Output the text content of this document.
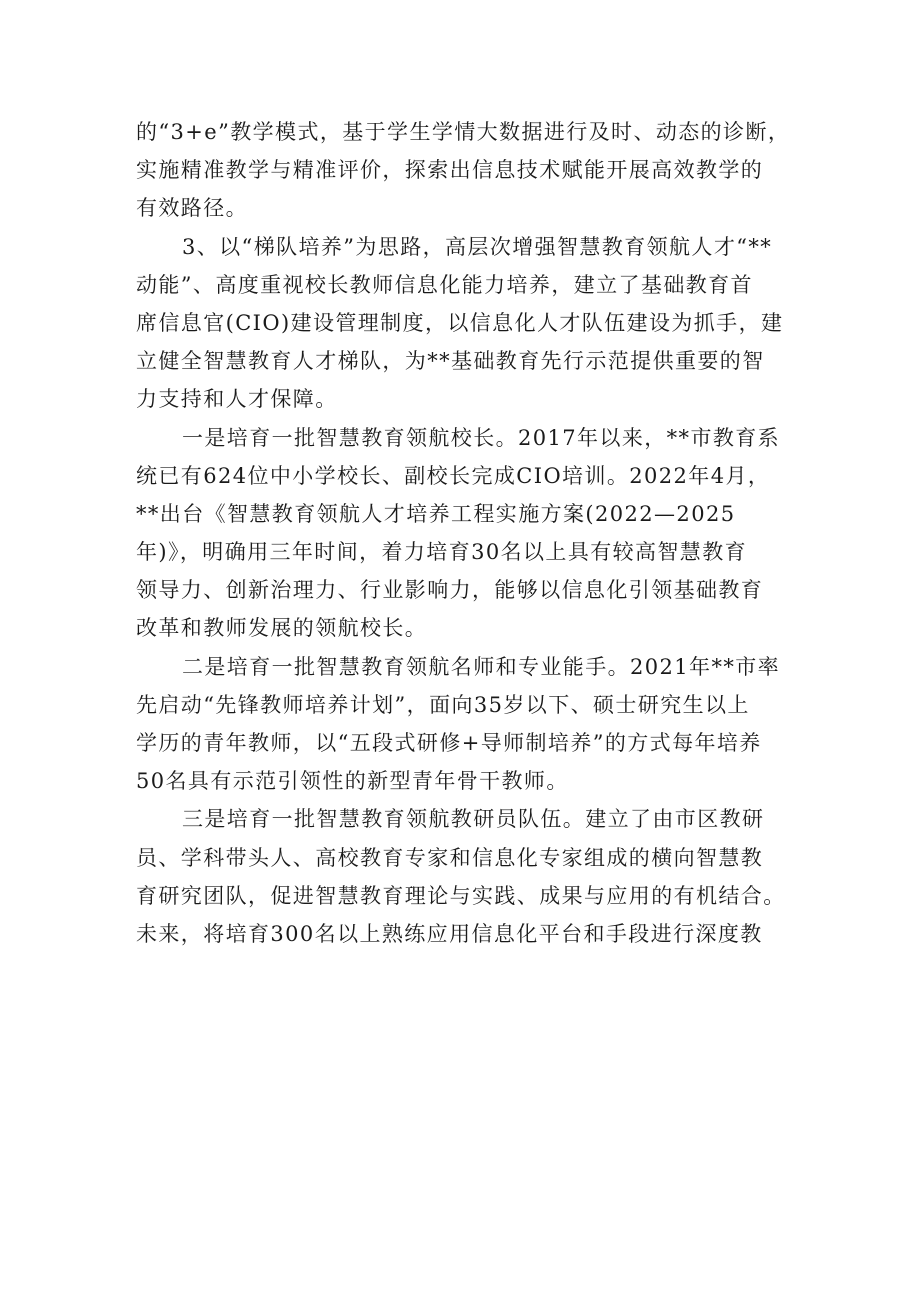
的“3+e”教学模式，基于学生学情大数据进行及时、动态的诊断，
实施精准教学与精准评价，探索出信息技术赋能开展高效教学的
有效路径。
3、以“梯队培养”为思路，高层次增强智慧教育领航人才“**
动能”、高度重视校长教师信息化能力培养，建立了基础教育首
席信息官(CIO)建设管理制度，以信息化人才队伍建设为抓手，建
立健全智慧教育人才梯队，为**基础教育先行示范提供重要的智
力支持和人才保障。
一是培育一批智慧教育领航校长。2017年以来，**市教育系
统已有624位中小学校长、副校长完成CIO培训。2022年4月，
**出台《智慧教育领航人才培养工程实施方案(2022—2025
年)》，明确用三年时间，着力培育30名以上具有较高智慧教育
领导力、创新治理力、行业影响力，能够以信息化引领基础教育
改革和教师发展的领航校长。
二是培育一批智慧教育领航名师和专业能手。2021年**市率
先启动“先锋教师培养计划”，面向35岁以下、硕士研究生以上
学历的青年教师，以“五段式研修+导师制培养”的方式每年培养
50名具有示范引领性的新型青年骨干教师。
三是培育一批智慧教育领航教研员队伍。建立了由市区教研
员、学科带头人、高校教育专家和信息化专家组成的横向智慧教
育研究团队，促进智慧教育理论与实践、成果与应用的有机结合。
未来，将培育300名以上熟练应用信息化平台和手段进行深度教
